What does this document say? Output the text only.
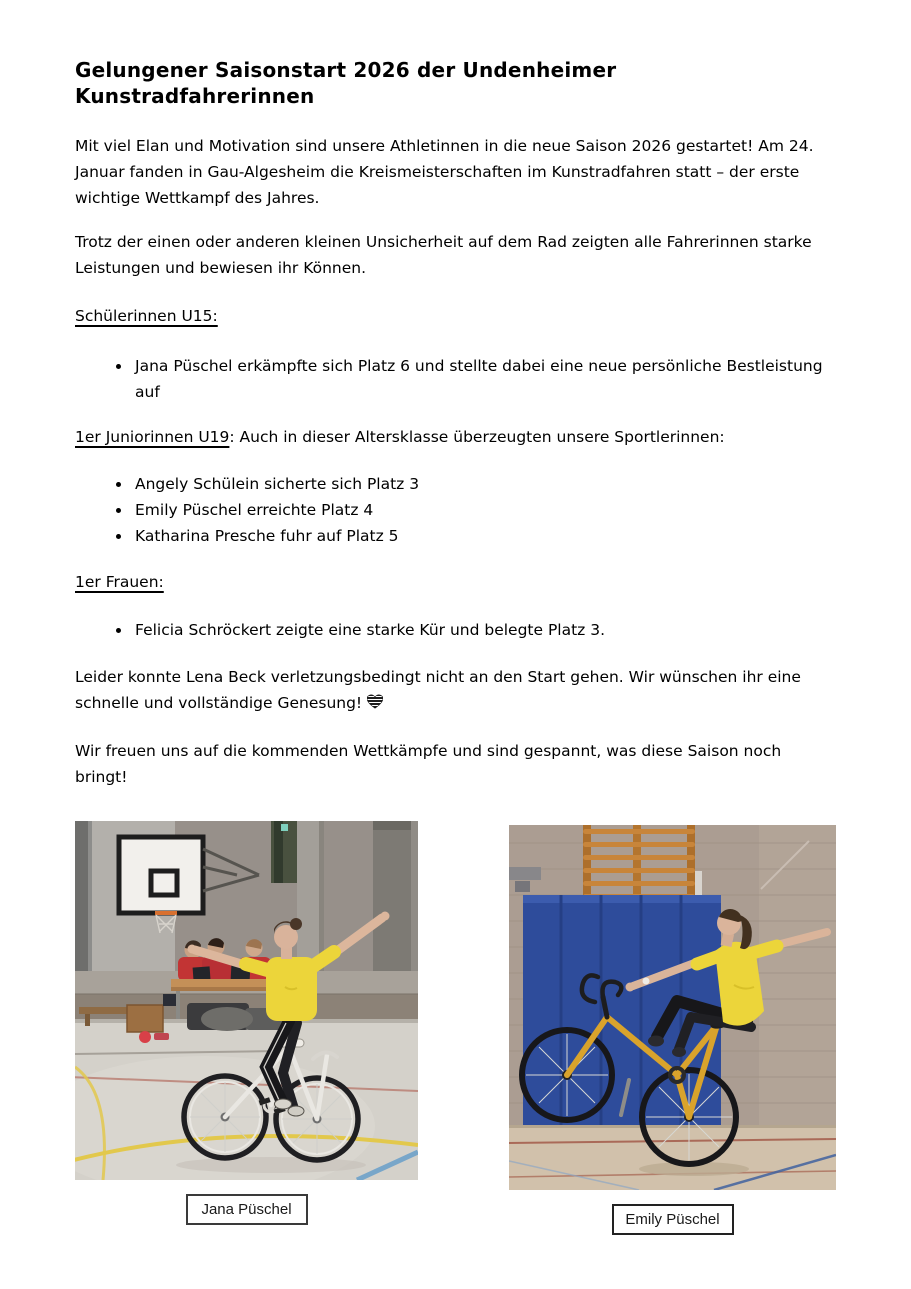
Gelungener Saisonstart 2026 der Undenheimer Kunstradfahrerinnen

Mit viel Elan und Motivation sind unsere Athletinnen in die neue Saison 2026 gestartet! Am 24. Januar fanden in Gau-Algesheim die Kreismeisterschaften im Kunstradfahren statt – der erste wichtige Wettkampf des Jahres.

Trotz der einen oder anderen kleinen Unsicherheit auf dem Rad zeigten alle Fahrerinnen starke Leistungen und bewiesen ihr Können.

Schülerinnen U15:

• Jana Püschel erkämpfte sich Platz 6 und stellte dabei eine neue persönliche Bestleistung auf

1er Juniorinnen U19: Auch in dieser Altersklasse überzeugten unsere Sportlerinnen:

• Angely Schülein sicherte sich Platz 3
• Emily Püschel erreichte Platz 4
• Katharina Presche fuhr auf Platz 5

1er Frauen:

• Felicia Schröckert zeigte eine starke Kür und belegte Platz 3.

Leider konnte Lena Beck verletzungsbedingt nicht an den Start gehen. Wir wünschen ihr eine schnelle und vollständige Genesung!

Wir freuen uns auf die kommenden Wettkämpfe und sind gespannt, was diese Saison noch bringt!

Jana Püschel
Emily Püschel
